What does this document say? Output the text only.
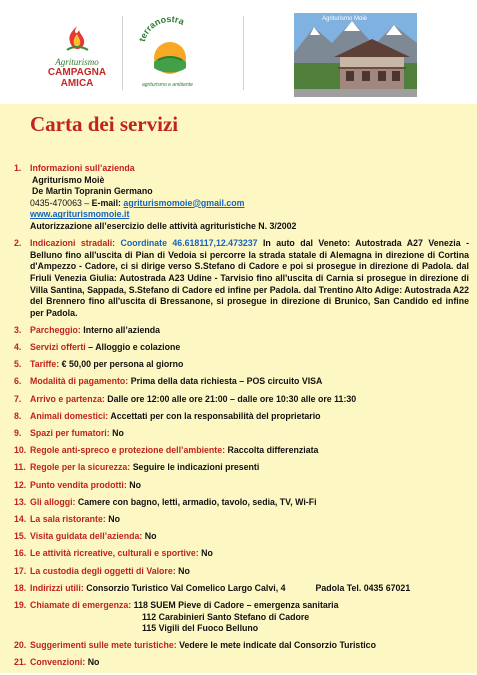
Agriturismo
CAMPAGNA
AMICA
terranostra
agriturismo e ambiente
Agriturismo Moiè
Carta dei servizi
1. Informazioni sull’azienda
Agriturismo Moiè
De Martin Topranin Germano
0435-470063 – E-mail: agriturismomoie@gmail.com
www.agriturismomoie.it
Autorizzazione all’esercizio delle attività agrituristiche N. 3/2002
2. Indicazioni stradali: Coordinate 46.618117,12.473237 In auto dal Veneto: Autostrada A27 Venezia - Belluno fino all'uscita di Pian di Vedoia si percorre la strada statale di Alemagna in direzione di Cortina d'Ampezzo - Cadore, ci si dirige verso S.Stefano di Cadore e poi si prosegue in direzione di Padola. dal Friuli Venezia Giulia: Autostrada A23 Udine - Tarvisio fino all'uscita di Carnia si prosegue in direzione di Villa Santina, Sappada, S.Stefano di Cadore ed infine per Padola. dal Trentino Alto Adige: Autostrada A22 del Brennero fino all'uscita di Bressanone, si prosegue in direzione di Brunico, San Candido ed infine per Padola.
3. Parcheggio: Interno all’azienda
4. Servizi offerti – Alloggio e colazione
5. Tariffe: € 50,00 per persona al giorno
6. Modalità di pagamento: Prima della data richiesta – POS circuito VISA
7. Arrivo e partenza: Dalle ore 12:00 alle ore 21:00 – dalle ore 10:30 alle ore 11:30
8. Animali domestici: Accettati per con la responsabilità del proprietario
9. Spazi per fumatori: No
10. Regole anti-spreco e protezione dell’ambiente: Raccolta differenziata
11. Regole per la sicurezza: Seguire le indicazioni presenti
12. Punto vendita prodotti: No
13. Gli alloggi: Camere con bagno, letti, armadio, tavolo, sedia, TV, Wi-Fi
14. La sala ristorante: No
15. Visita guidata dell’azienda: No
16. Le attività ricreative, culturali e sportive: No
17. La custodia degli oggetti di Valore: No
18. Indirizzi utili: Consorzio Turistico Val Comelico Largo Calvi, 4	Padola Tel. 0435 67021
19. Chiamate di emergenza: 118 SUEM Pieve di Cadore – emergenza sanitaria
112 Carabinieri Santo Stefano di Cadore
115 Vigili del Fuoco Belluno
20. Suggerimenti sulle mete turistiche: Vedere le mete indicate dal Consorzio Turistico
21. Convenzioni: No
